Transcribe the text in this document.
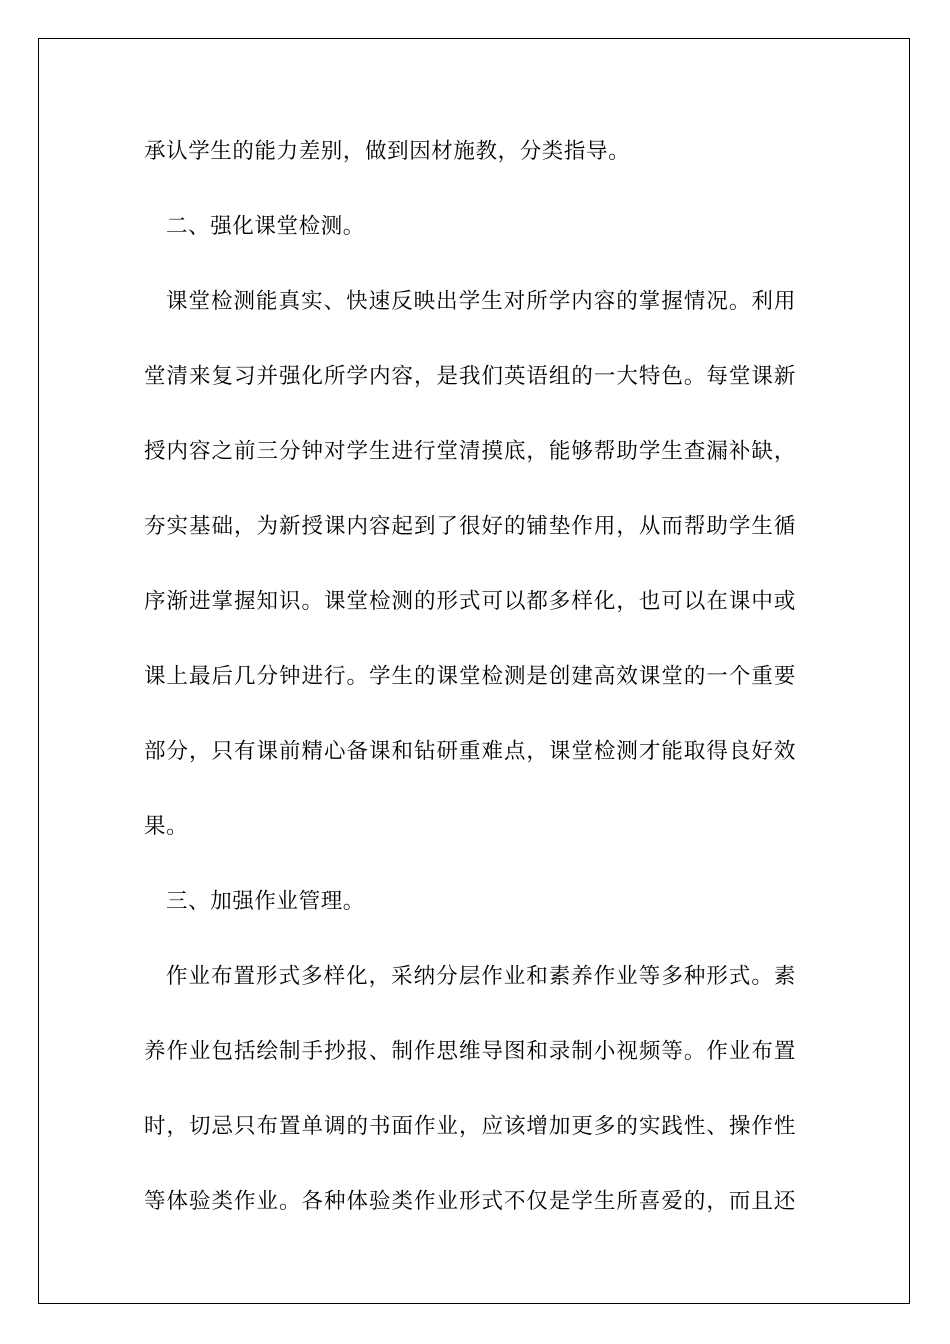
承认学生的能力差别，做到因材施教，分类指导。
二、强化课堂检测。
课堂检测能真实、快速反映出学生对所学内容的掌握情况。利用
堂清来复习并强化所学内容，是我们英语组的一大特色。每堂课新
授内容之前三分钟对学生进行堂清摸底，能够帮助学生查漏补缺，
夯实基础，为新授课内容起到了很好的铺垫作用，从而帮助学生循
序渐进掌握知识。课堂检测的形式可以都多样化，也可以在课中或
课上最后几分钟进行。学生的课堂检测是创建高效课堂的一个重要
部分，只有课前精心备课和钻研重难点，课堂检测才能取得良好效
果。
三、加强作业管理。
作业布置形式多样化，采纳分层作业和素养作业等多种形式。素
养作业包括绘制手抄报、制作思维导图和录制小视频等。作业布置
时，切忌只布置单调的书面作业，应该增加更多的实践性、操作性
等体验类作业。各种体验类作业形式不仅是学生所喜爱的，而且还
